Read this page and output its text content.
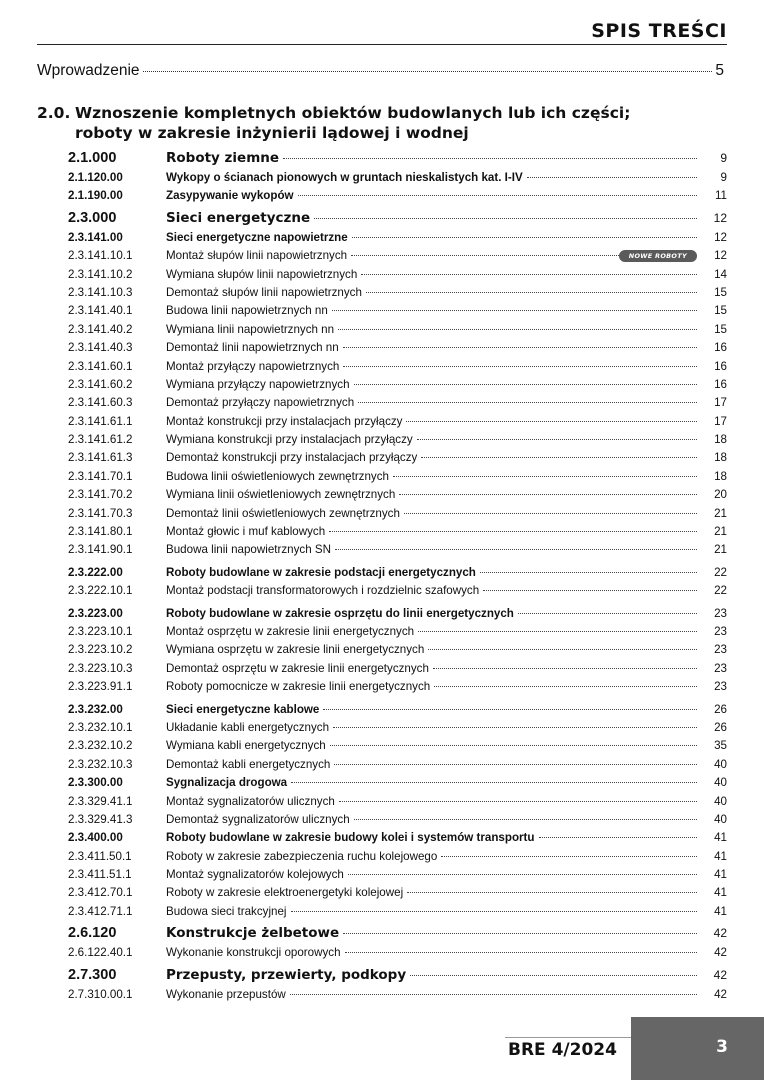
SPIS TREŚCI
Wprowadzenie	5
2.0. Wznoszenie kompletnych obiektów budowlanych lub ich części; roboty w zakresie inżynierii lądowej i wodnej
2.1.000	Roboty ziemne	9
2.1.120.00	Wykopy o ścianach pionowych w gruntach nieskalistych kat. I-IV	9
2.1.190.00	Zasypywanie wykopów	11
2.3.000	Sieci energetyczne	12
2.3.141.00	Sieci energetyczne napowietrzne	12
2.3.141.10.1	Montaż słupów linii napowietrznych	12
NOWE ROBOTY
2.3.141.10.2	Wymiana słupów linii napowietrznych	14
2.3.141.10.3	Demontaż słupów linii napowietrznych	15
2.3.141.40.1	Budowa linii napowietrznych nn	15
2.3.141.40.2	Wymiana linii napowietrznych nn	15
2.3.141.40.3	Demontaż linii napowietrznych nn	16
2.3.141.60.1	Montaż przyłączy napowietrznych	16
2.3.141.60.2	Wymiana przyłączy napowietrznych	16
2.3.141.60.3	Demontaż przyłączy napowietrznych	17
2.3.141.61.1	Montaż konstrukcji przy instalacjach przyłączy	17
2.3.141.61.2	Wymiana konstrukcji przy instalacjach przyłączy	18
2.3.141.61.3	Demontaż konstrukcji przy instalacjach przyłączy	18
2.3.141.70.1	Budowa linii oświetleniowych zewnętrznych	18
2.3.141.70.2	Wymiana linii oświetleniowych zewnętrznych	20
2.3.141.70.3	Demontaż linii oświetleniowych zewnętrznych	21
2.3.141.80.1	Montaż głowic i muf kablowych	21
2.3.141.90.1	Budowa linii napowietrznych SN	21
2.3.222.00	Roboty budowlane w zakresie podstacji energetycznych	22
2.3.222.10.1	Montaż podstacji transformatorowych i rozdzielnic szafowych	22
2.3.223.00	Roboty budowlane w zakresie osprzętu do linii energetycznych	23
2.3.223.10.1	Montaż osprzętu w zakresie linii energetycznych	23
2.3.223.10.2	Wymiana osprzętu w zakresie linii energetycznych	23
2.3.223.10.3	Demontaż osprzętu w zakresie linii energetycznych	23
2.3.223.91.1	Roboty pomocnicze w zakresie linii energetycznych	23
2.3.232.00	Sieci energetyczne kablowe	26
2.3.232.10.1	Układanie kabli energetycznych	26
2.3.232.10.2	Wymiana kabli energetycznych	35
2.3.232.10.3	Demontaż kabli energetycznych	40
2.3.300.00	Sygnalizacja drogowa	40
2.3.329.41.1	Montaż sygnalizatorów ulicznych	40
2.3.329.41.3	Demontaż sygnalizatorów ulicznych	40
2.3.400.00	Roboty budowlane w zakresie budowy kolei i systemów transportu	41
2.3.411.50.1	Roboty w zakresie zabezpieczenia ruchu kolejowego	41
2.3.411.51.1	Montaż sygnalizatorów kolejowych	41
2.3.412.70.1	Roboty w zakresie elektroenergetyki kolejowej	41
2.3.412.71.1	Budowa sieci trakcyjnej	41
2.6.120	Konstrukcje żelbetowe	42
2.6.122.40.1	Wykonanie konstrukcji oporowych	42
2.7.300	Przepusty, przewierty, podkopy	42
2.7.310.00.1	Wykonanie przepustów	42
BRE 4/2024	3
